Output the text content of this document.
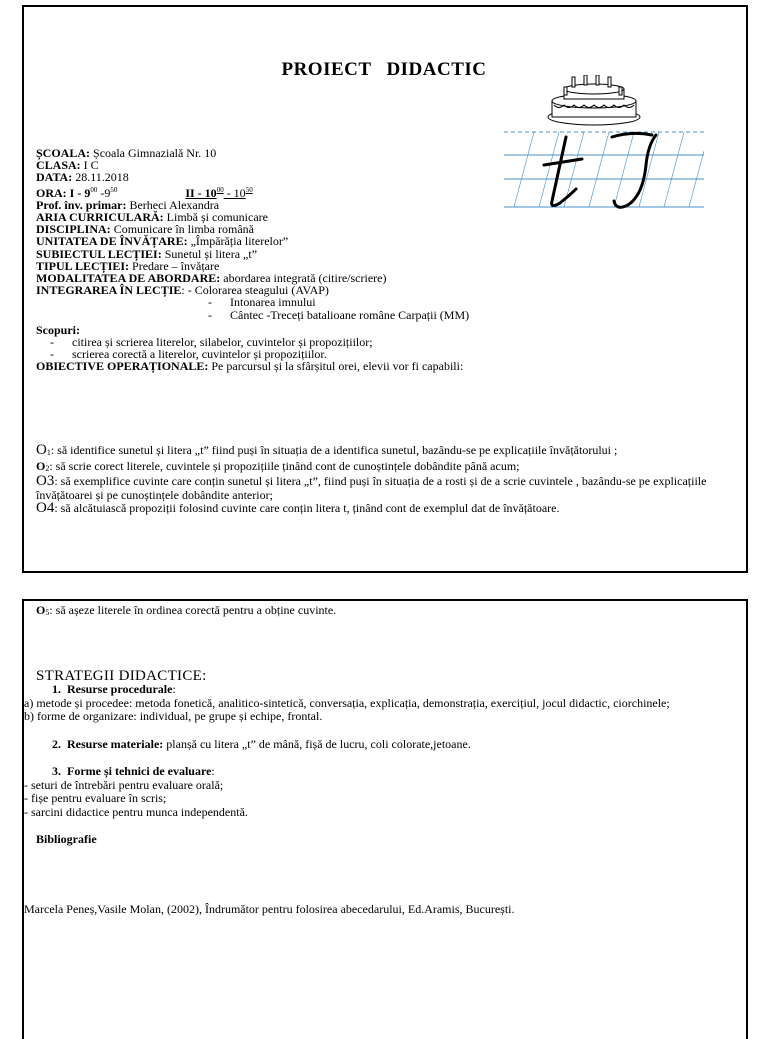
PROIECT DIDACTIC
ȘCOALA: Școala Gimnazială Nr. 10
CLASA: I C
DATA: 28.11.2018
ORA: I - $9^{00}$ $-9^{50}$	II - $10^{00} - 10^{50}$
Prof. înv. primar: Berheci Alexandra
ARIA CURRICULARĂ: Limbă și comunicare
DISCIPLINA: Comunicare în limba română
UNITATEA DE ÎNVĂȚARE: „Împărăția literelor”
SUBIECTUL LECȚIEI: Sunetul și litera „t”
TIPUL LECȚIEI: Predare – învățare
MODALITATEA DE ABORDARE: abordarea integrată (citire/scriere)
INTEGRAREA ÎN LECȚIE: - Colorarea steagului (AVAP)
- Intonarea imnului
- Cântec -Treceți batalioane române Carpații (MM)
Scopuri:
- citirea și scrierea literelor, silabelor, cuvintelor și propozițiilor;
- scrierea corectă a literelor, cuvintelor și propozițiilor.
OBIECTIVE OPERAȚIONALE: Pe parcursul și la sfârșitul orei, elevii vor fi capabili:

O1: să identifice sunetul și litera „t” fiind puși în situația de a identifica sunetul, bazându-se pe explicațiile învățătorului ;

O2: să scrie corect literele, cuvintele și propozițiile ținând cont de cunoștințele dobândite până acum;

O3: să exemplifice cuvinte care conțin sunetul și litera „t”, fiind puși în situația de a rosti și de a scrie cuvintele , bazându-se pe explicațiile învățătoarei și pe cunoștințele dobândite anterior;

O4: să alcătuiască propoziții folosind cuvinte care conțin litera t, ținând cont de exemplul dat de învățătoare.

O5: să așeze literele în ordinea corectă pentru a obține cuvinte.
STRATEGII DIDACTICE:
1. Resurse procedurale:
a) metode și procedee: metoda fonetică, analitico-sintetică, conversația, explicația, demonstrația, exercițiul, jocul didactic, ciorchinele;
b) forme de organizare: individual, pe grupe și echipe, frontal.
2. Resurse materiale: planșă cu litera „t” de mână, fișă de lucru, coli colorate,jetoane.
3. Forme și tehnici de evaluare:
- seturi de întrebări pentru evaluare orală;
- fișe pentru evaluare în scris;
- sarcini didactice pentru munca independentă.
Bibliografie
Marcela Peneș,Vasile Molan, (2002), Îndrumător pentru folosirea abecedarului, Ed.Aramis, București.
